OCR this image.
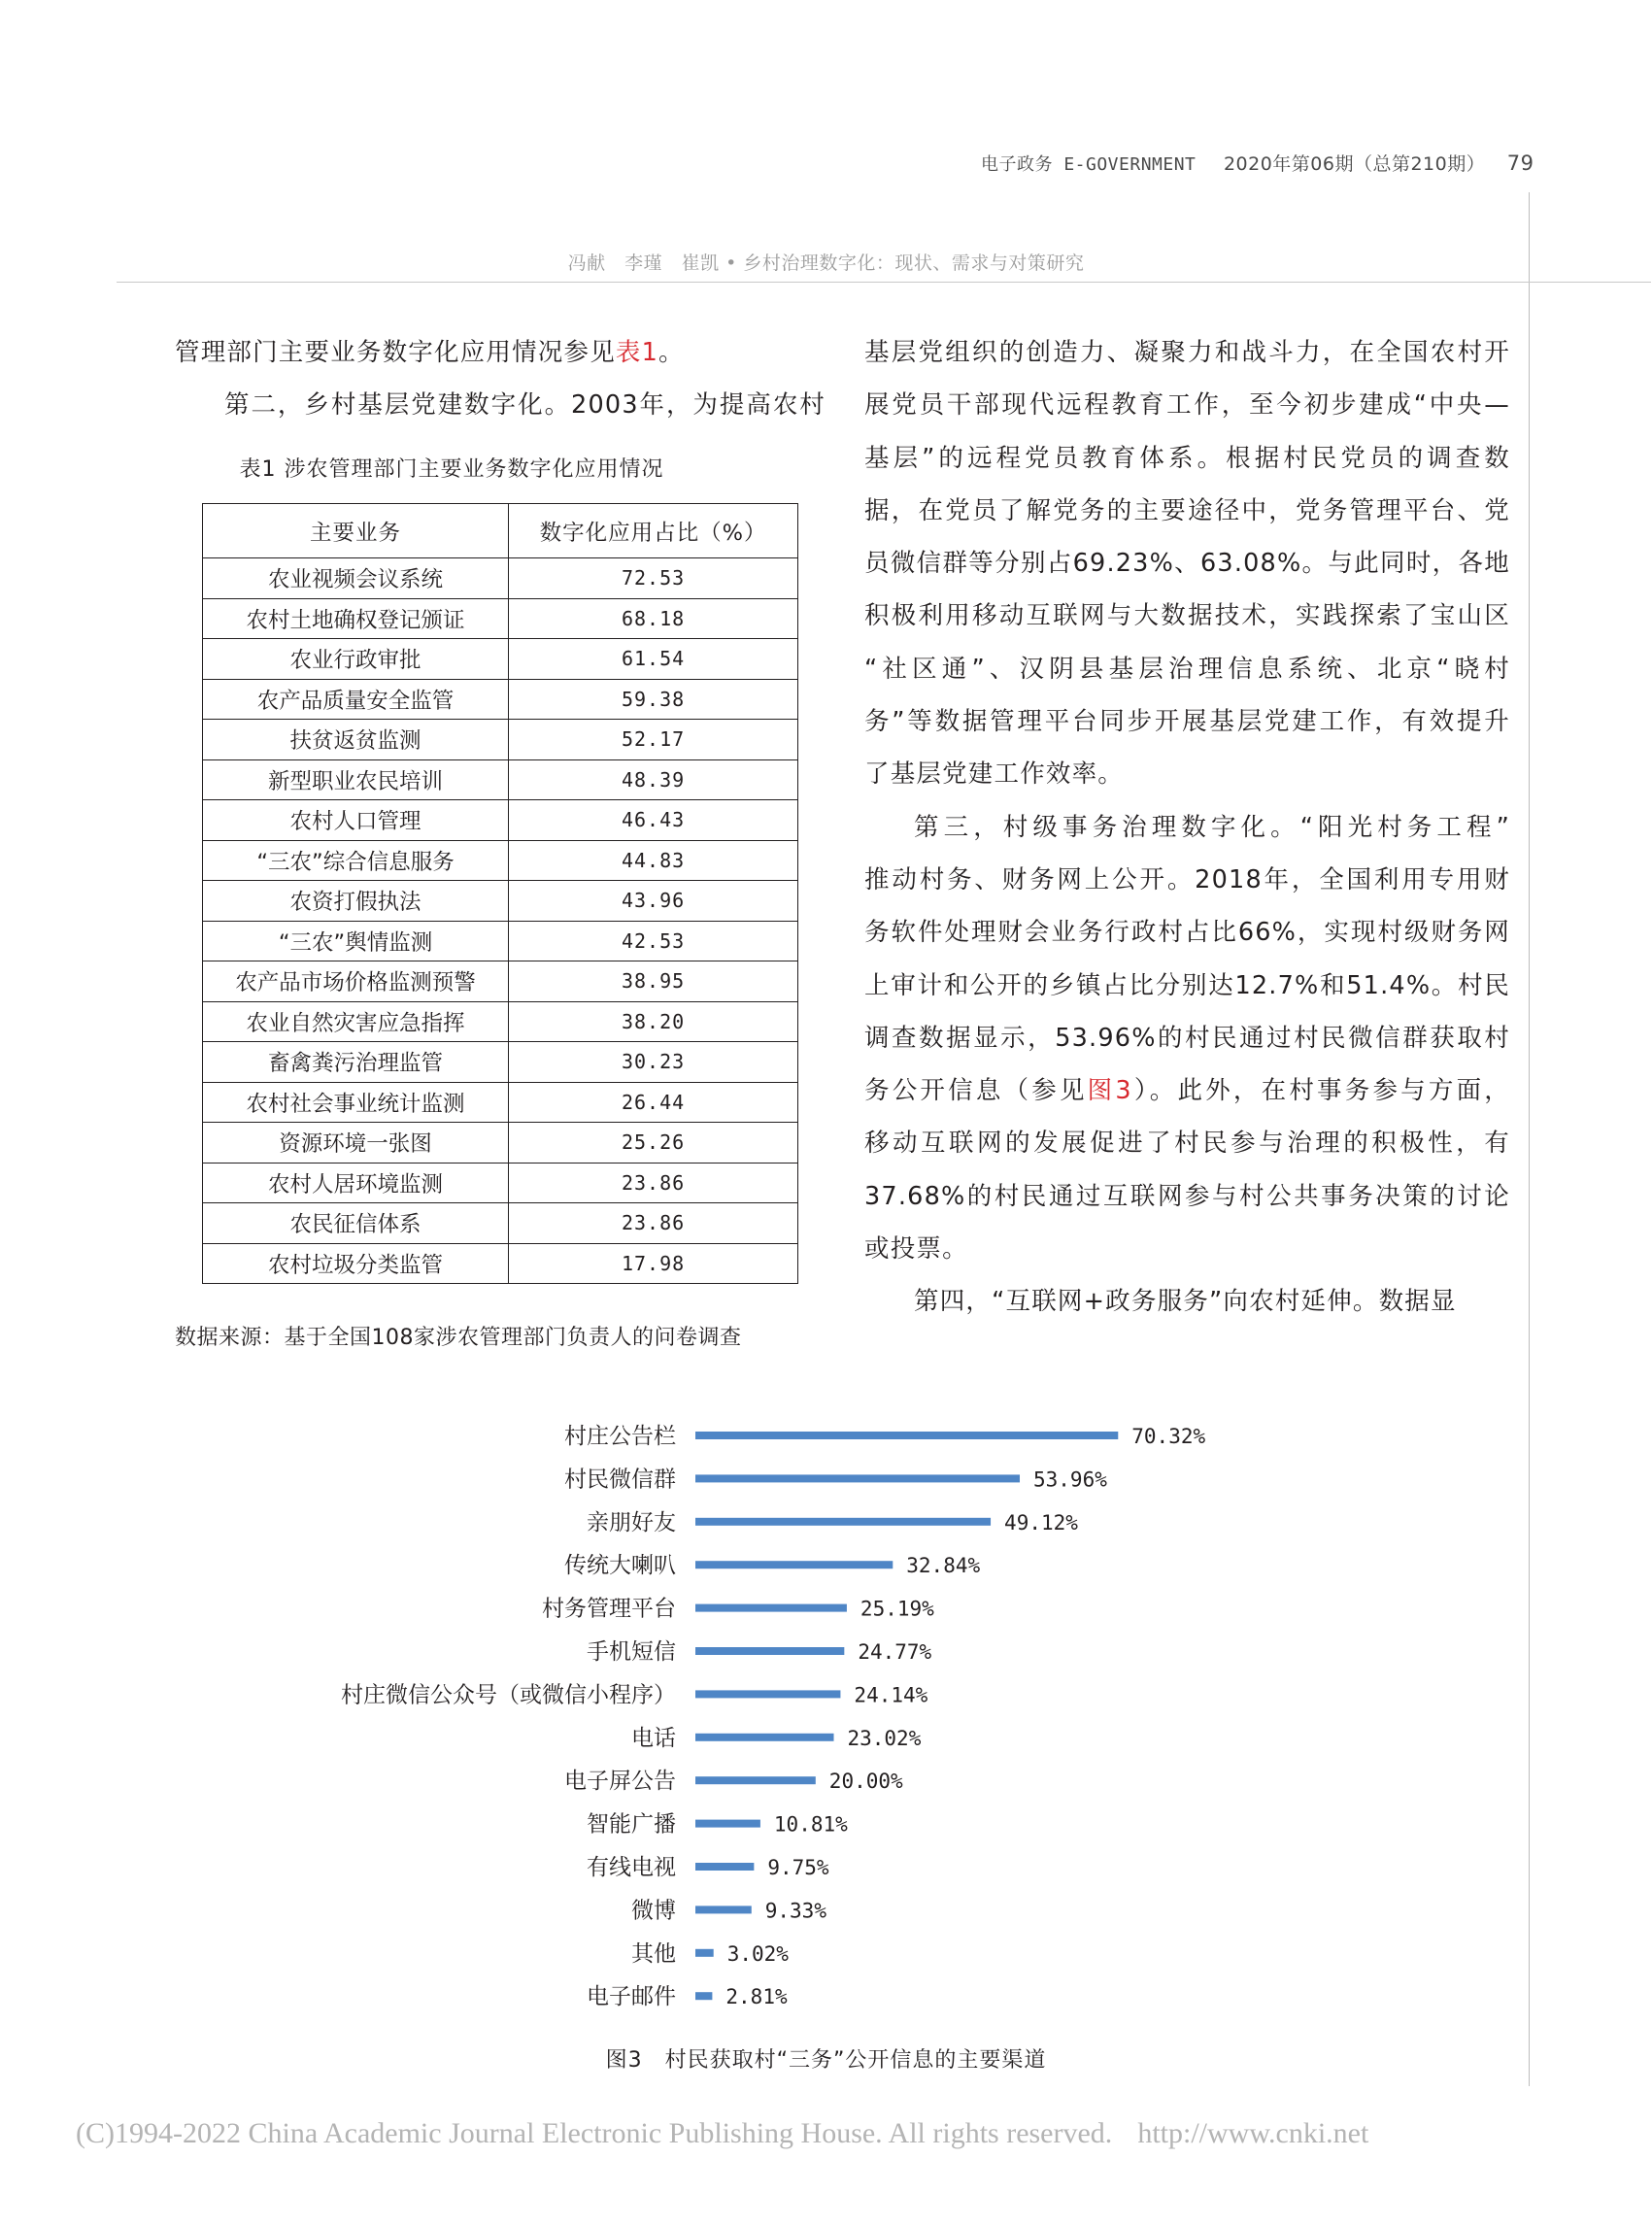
电子政务 E-GOVERNMENT 2020年第06期（总第210期） 79
冯献　李瑾　崔凯 • 乡村治理数字化：现状、需求与对策研究

管理部门主要业务数字化应用情况参见表1。

第二，乡村基层党建数字化。2003年，为提高农村

表1 涉农管理部门主要业务数字化应用情况
主要业务	数字化应用占比（%）
农业视频会议系统	72.53
农村土地确权登记颁证	68.18
农业行政审批	61.54
农产品质量安全监管	59.38
扶贫返贫监测	52.17
新型职业农民培训	48.39
农村人口管理	46.43
“三农”综合信息服务	44.83
农资打假执法	43.96
“三农”舆情监测	42.53
农产品市场价格监测预警	38.95
农业自然灾害应急指挥	38.20
畜禽粪污治理监管	30.23
农村社会事业统计监测	26.44
资源环境一张图	25.26
农村人居环境监测	23.86
农民征信体系	23.86
农村垃圾分类监管	17.98
数据来源：基于全国108家涉农管理部门负责人的问卷调查

基层党组织的创造力、凝聚力和战斗力，在全国农村开

展党员干部现代远程教育工作，至今初步建成“中央—

基层”的远程党员教育体系。根据村民党员的调查数

据，在党员了解党务的主要途径中，党务管理平台、党

员微信群等分别占69.23%、63.08%。与此同时，各地

积极利用移动互联网与大数据技术，实践探索了宝山区

“社区通”、汉阴县基层治理信息系统、北京“晓村

务”等数据管理平台同步开展基层党建工作，有效提升

了基层党建工作效率。

第三，村级事务治理数字化。“阳光村务工程”

推动村务、财务网上公开。2018年，全国利用专用财

务软件处理财会业务行政村占比66%，实现村级财务网

上审计和公开的乡镇占比分别达12.7%和51.4%。村民

调查数据显示，53.96%的村民通过村民微信群获取村

务公开信息（参见图3）。此外，在村事务参与方面，

移动互联网的发展促进了村民参与治理的积极性，有

37.68%的村民通过互联网参与村公共事务决策的讨论

或投票。

第四，“互联网+政务服务”向农村延伸。数据显

村庄公告栏	70.32%
村民微信群	53.96%
亲朋好友	49.12%
传统大喇叭	32.84%
村务管理平台	25.19%
手机短信	24.77%
村庄微信公众号（或微信小程序）	24.14%
电话	23.02%
电子屏公告	20.00%
智能广播	10.81%
有线电视	9.75%
微博	9.33%
其他	3.02%
电子邮件 2.81%
图3　村民获取村“三务”公开信息的主要渠道
(C)1994-2022 China Academic Journal Electronic Publishing House. All rights reserved. http://www.cnki.net
